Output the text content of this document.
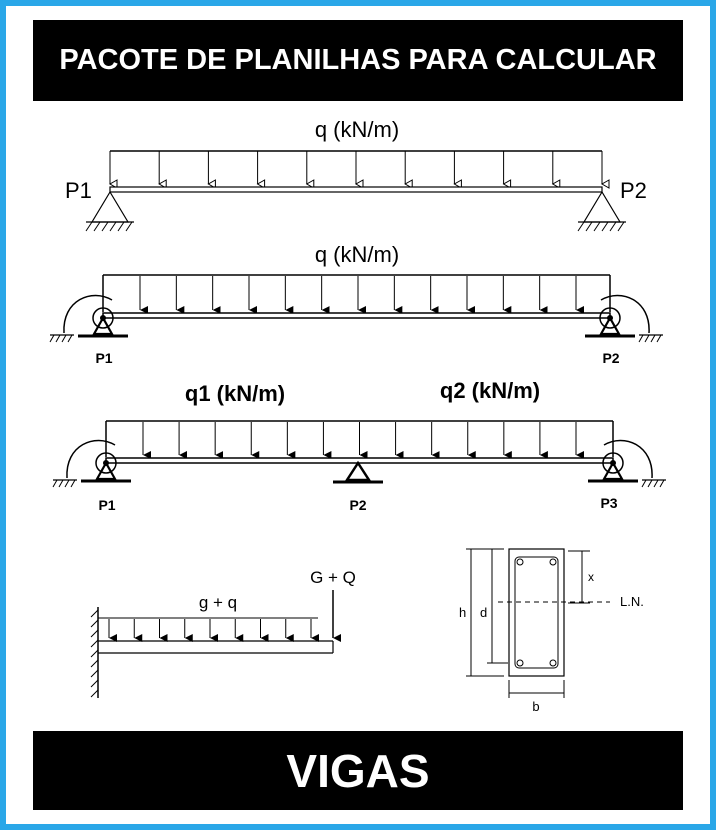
PACOTE DE PLANILHAS PARA CALCULAR
VIGAS
q (kN/m)
P1	P2
q (kN/m)
P1	P2
q1 (kN/m)	q2 (kN/m)
P1	P2	P3
g + q
G + Q
h d
x
L.N.
b
